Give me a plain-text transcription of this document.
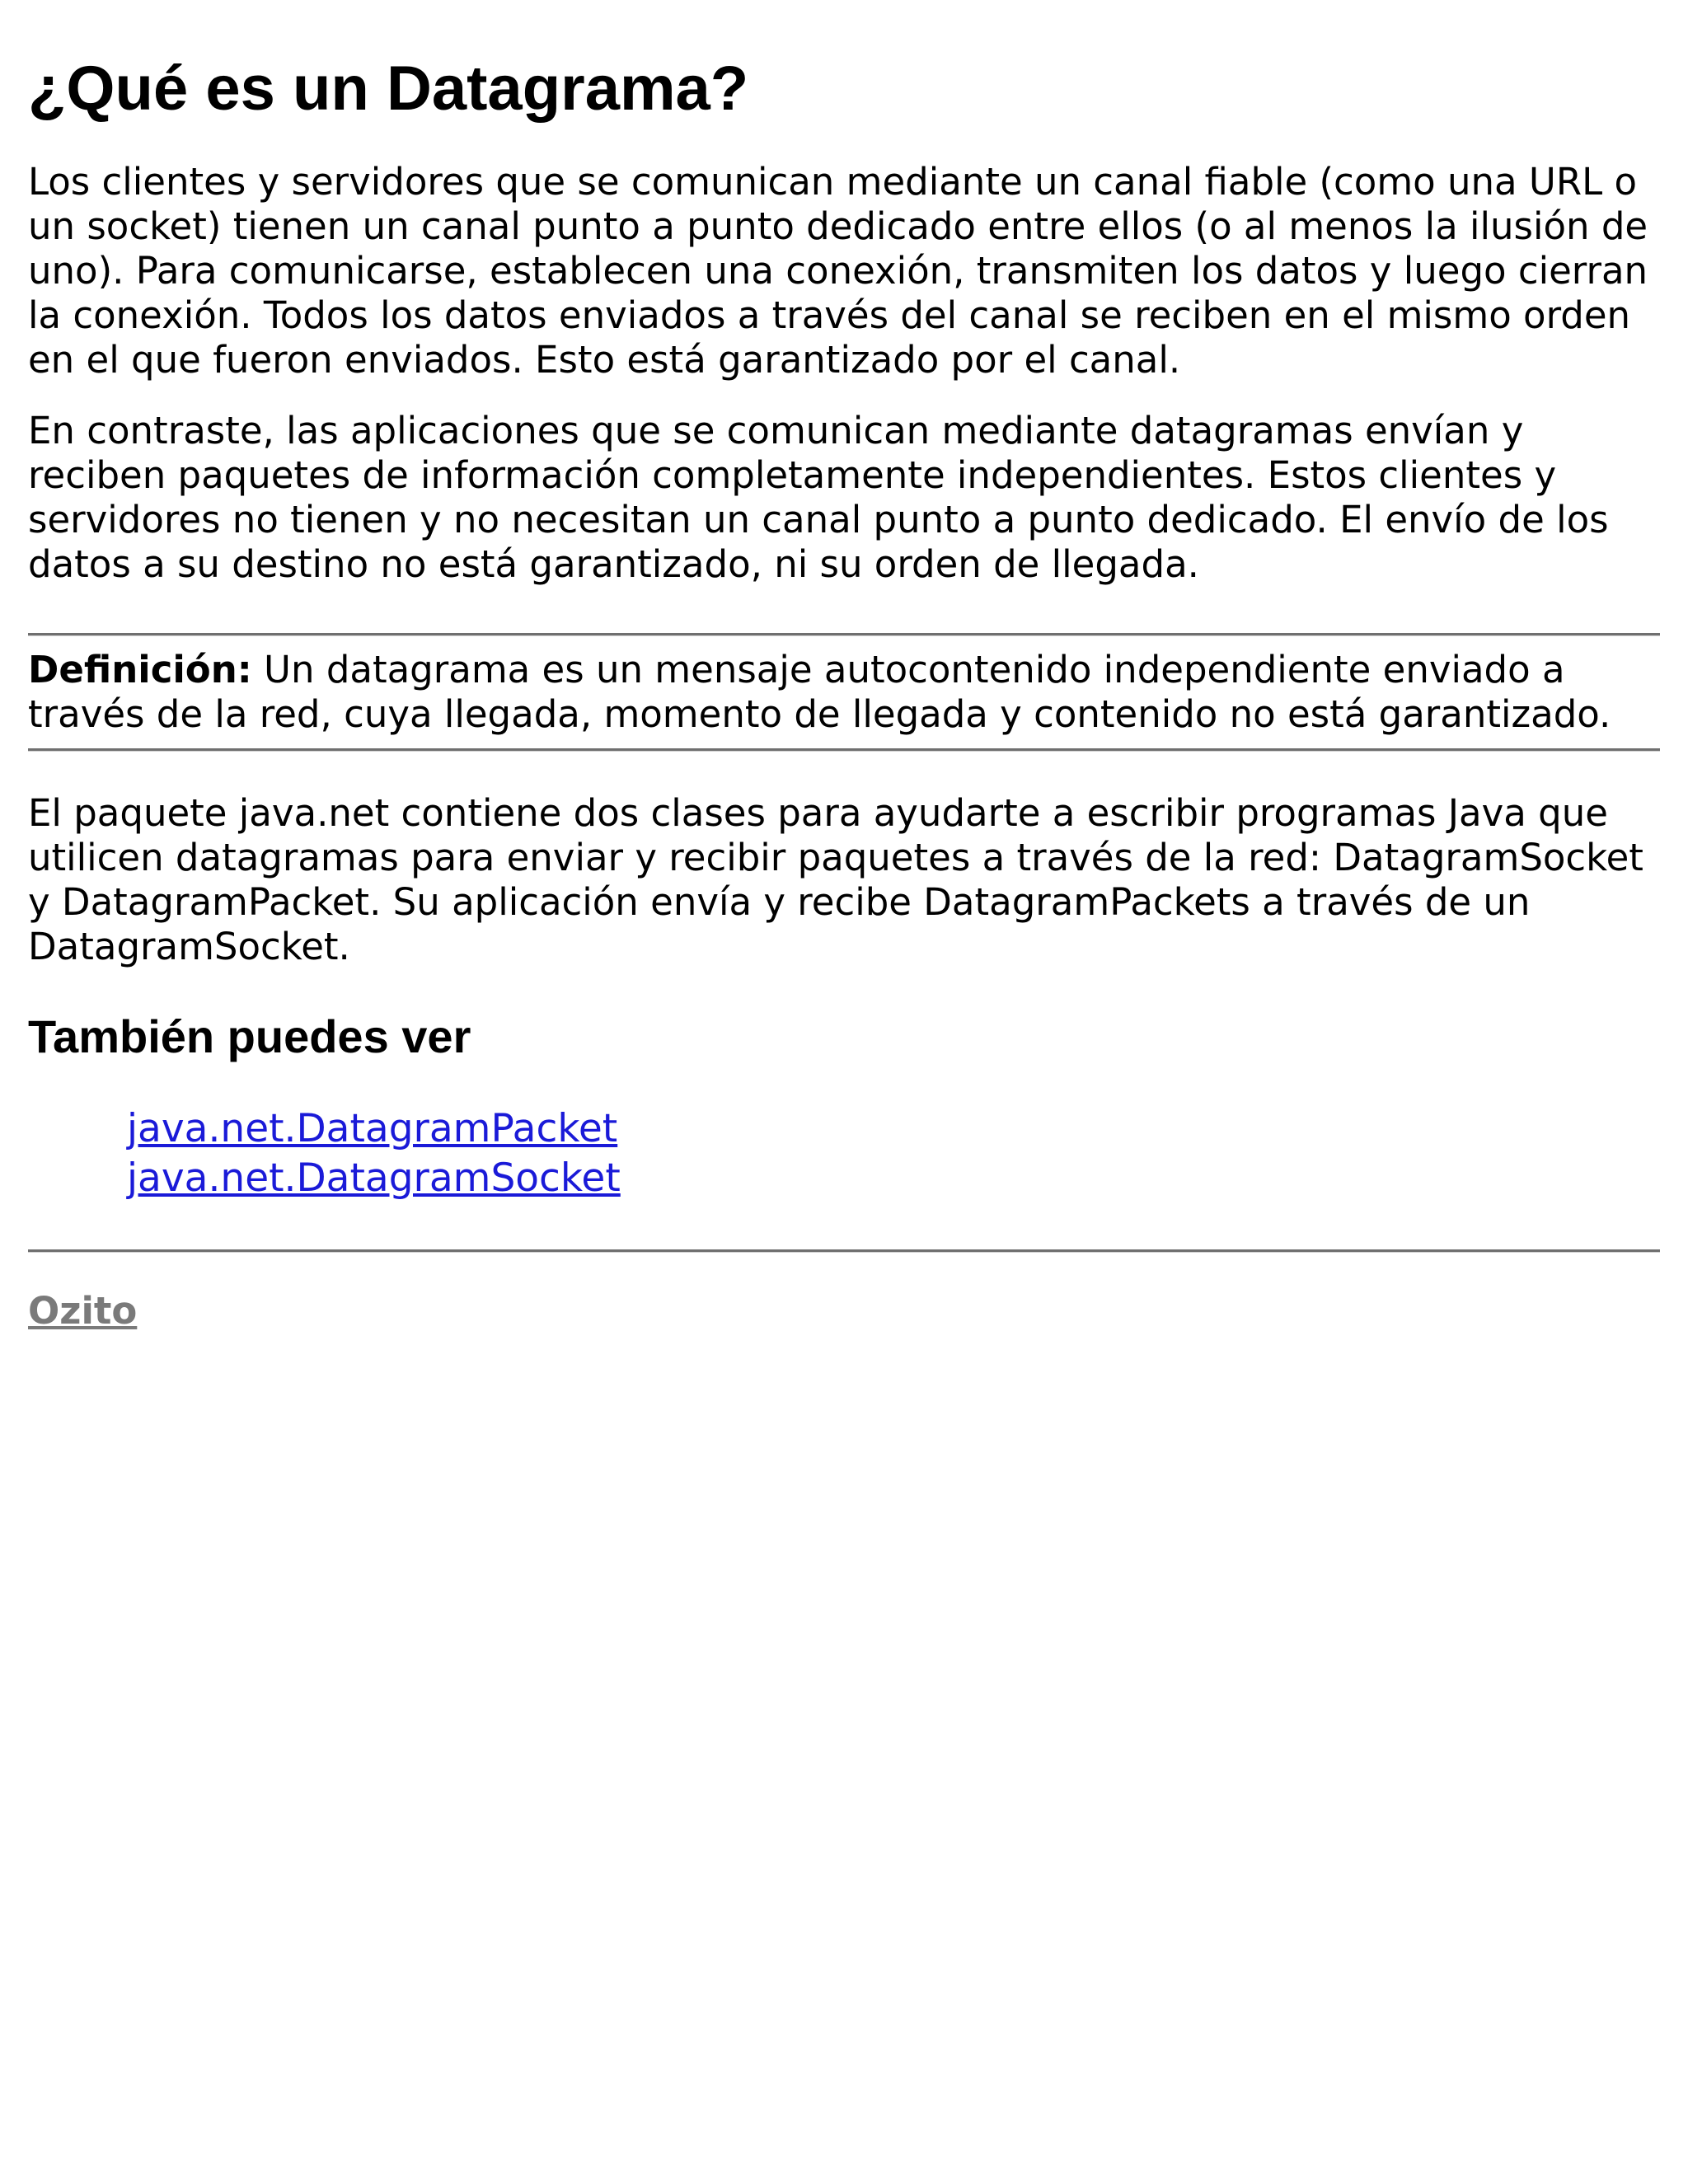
¿Qué es un Datagrama?

Los clientes y servidores que se comunican mediante un canal fiable (como una URL o un socket) tienen un canal punto a punto dedicado entre ellos (o al menos la ilusión de uno). Para comunicarse, establecen una conexión, transmiten los datos y luego cierran la conexión. Todos los datos enviados a través del canal se reciben en el mismo orden en el que fueron enviados. Esto está garantizado por el canal.

En contraste, las aplicaciones que se comunican mediante datagramas envían y reciben paquetes de información completamente independientes. Estos clientes y servidores no tienen y no necesitan un canal punto a punto dedicado. El envío de los datos a su destino no está garantizado, ni su orden de llegada.

Definición: Un datagrama es un mensaje autocontenido independiente enviado a través de la red, cuya llegada, momento de llegada y contenido no está garantizado.

El paquete java.net contiene dos clases para ayudarte a escribir programas Java que utilicen datagramas para enviar y recibir paquetes a través de la red: DatagramSocket y DatagramPacket. Su aplicación envía y recibe DatagramPackets a través de un DatagramSocket.

También puedes ver
java.net.DatagramPacket
java.net.DatagramSocket
Ozito
